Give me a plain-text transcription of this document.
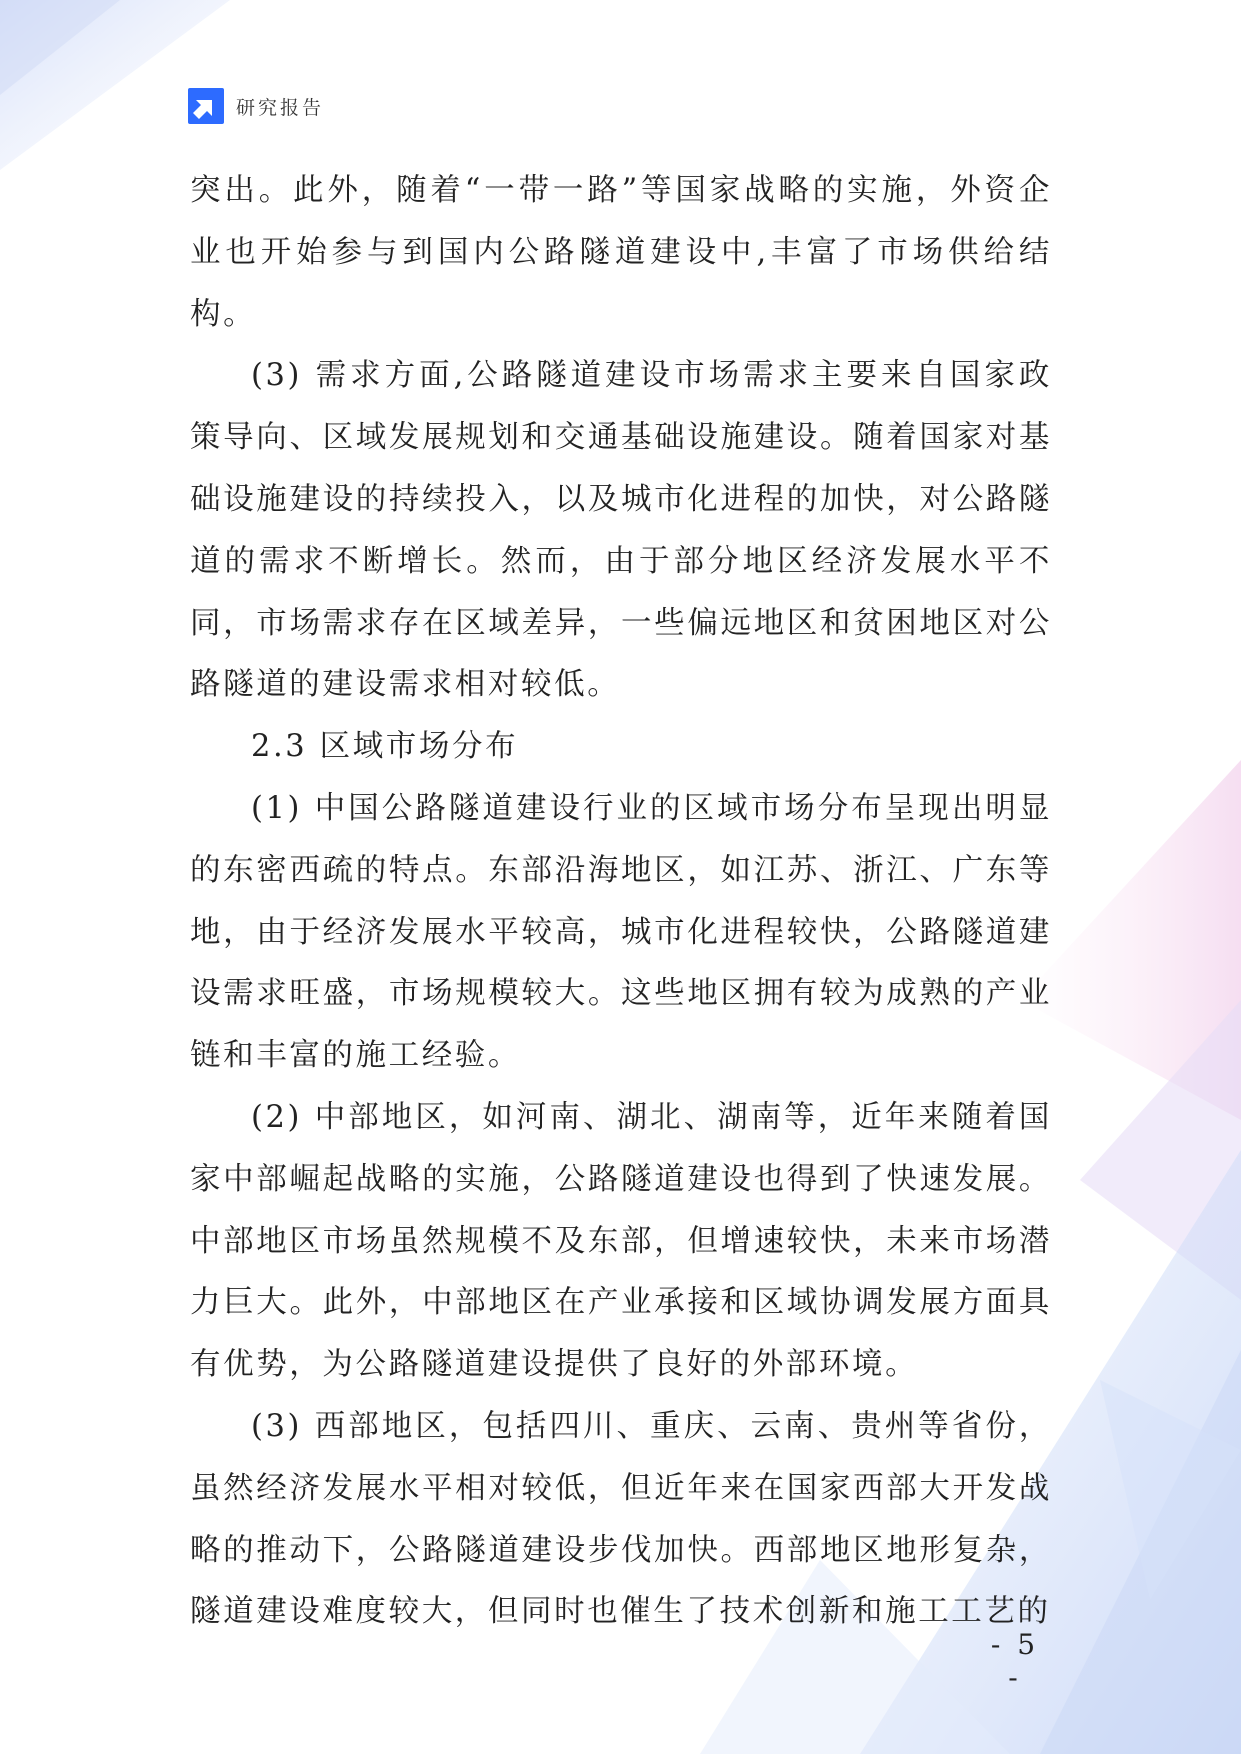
研究报告

突出。此外，随着“一带一路”等国家战略的实施，外资企业也开始参与到国内公路隧道建设中,丰富了市场供给结构。

(3) 需求方面,公路隧道建设市场需求主要来自国家政策导向、区域发展规划和交通基础设施建设。随着国家对基础设施建设的持续投入，以及城市化进程的加快，对公路隧道的需求不断增长。然而，由于部分地区经济发展水平不同，市场需求存在区域差异，一些偏远地区和贫困地区对公路隧道的建设需求相对较低。

2.3 区域市场分布

(1) 中国公路隧道建设行业的区域市场分布呈现出明显的东密西疏的特点。东部沿海地区，如江苏、浙江、广东等地，由于经济发展水平较高，城市化进程较快，公路隧道建设需求旺盛，市场规模较大。这些地区拥有较为成熟的产业链和丰富的施工经验。

(2) 中部地区，如河南、湖北、湖南等，近年来随着国家中部崛起战略的实施，公路隧道建设也得到了快速发展。中部地区市场虽然规模不及东部，但增速较快，未来市场潜力巨大。此外，中部地区在产业承接和区域协调发展方面具有优势，为公路隧道建设提供了良好的外部环境。

(3) 西部地区，包括四川、重庆、云南、贵州等省份，虽然经济发展水平相对较低，但近年来在国家西部大开发战略的推动下，公路隧道建设步伐加快。西部地区地形复杂，隧道建设难度较大，但同时也催生了技术创新和施工工艺的

- 5 -
